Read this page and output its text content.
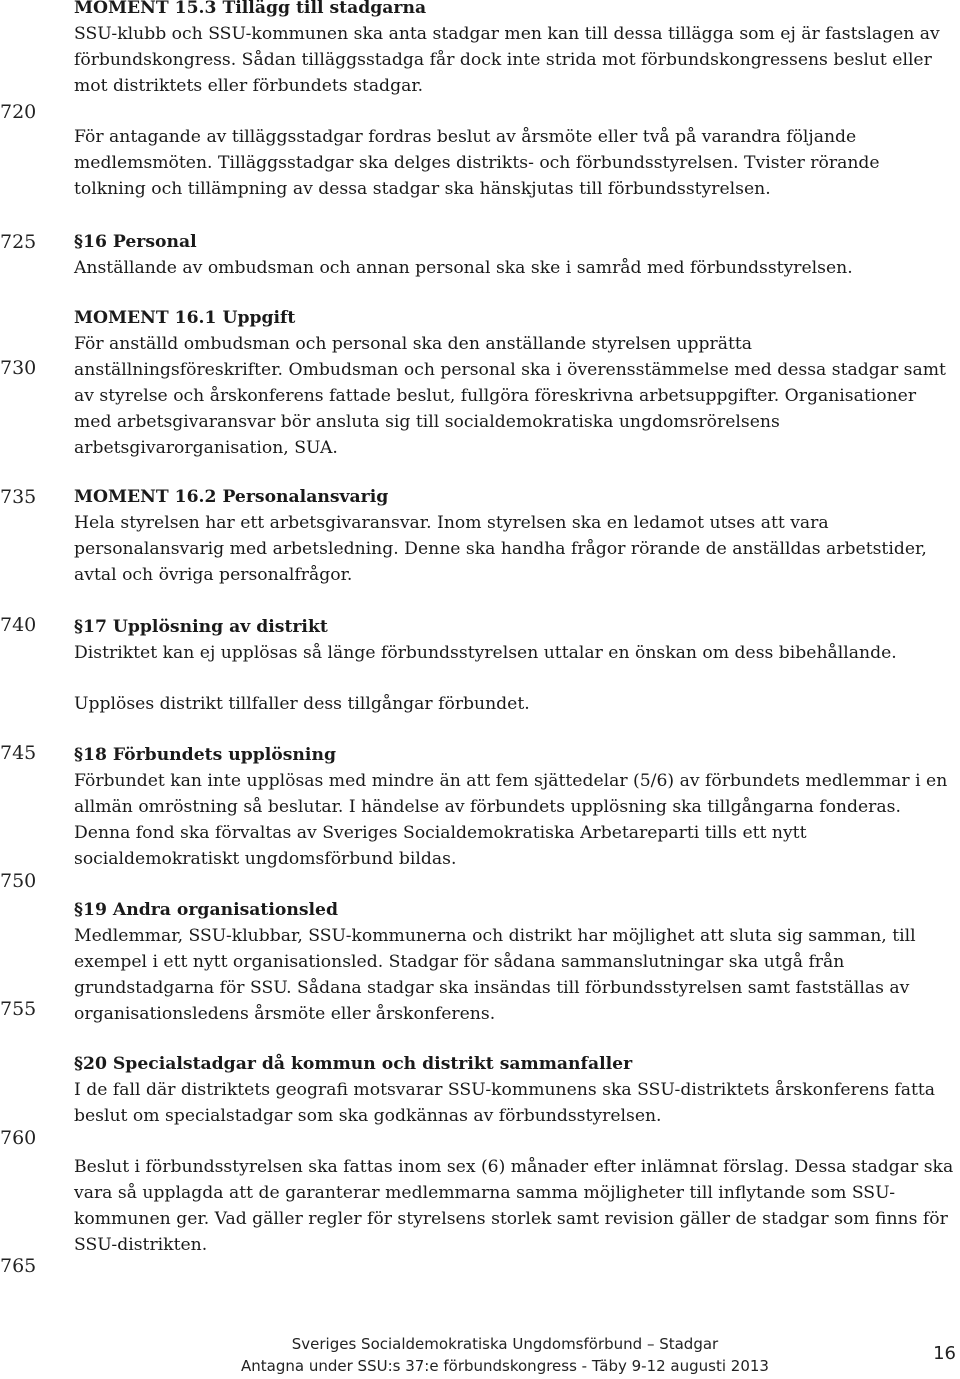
720
725
730
735
740
745
750
755
760
765

MOMENT 15.3 Tillägg till stadgarna

SSU-klubb och SSU-kommunen ska anta stadgar men kan till dessa tillägga som ej är fastslagen av förbundskongress. Sådan tilläggsstadga får dock inte strida mot förbundskongressens beslut eller mot distriktets eller förbundets stadgar.

För antagande av tilläggsstadgar fordras beslut av årsmöte eller två på varandra följande medlemsmöten. Tilläggsstadgar ska delges distrikts- och förbundsstyrelsen. Tvister rörande tolkning och tillämpning av dessa stadgar ska hänskjutas till förbundsstyrelsen.

§16 Personal

Anställande av ombudsman och annan personal ska ske i samråd med förbundsstyrelsen.

MOMENT 16.1 Uppgift

För anställd ombudsman och personal ska den anställande styrelsen upprätta anställningsföreskrifter. Ombudsman och personal ska i överensstämmelse med dessa stadgar samt av styrelse och årskonferens fattade beslut, fullgöra föreskrivna arbetsuppgifter. Organisationer med arbetsgivaransvar bör ansluta sig till socialdemokratiska ungdomsrörelsens arbetsgivarorganisation, SUA.

MOMENT 16.2 Personalansvarig

Hela styrelsen har ett arbetsgivaransvar. Inom styrelsen ska en ledamot utses att vara personalansvarig med arbetsledning. Denne ska handha frågor rörande de anställdas arbetstider, avtal och övriga personalfrågor.

§17 Upplösning av distrikt

Distriktet kan ej upplösas så länge förbundsstyrelsen uttalar en önskan om dess bibehållande.

Upplöses distrikt tillfaller dess tillgångar förbundet.

§18 Förbundets upplösning

Förbundet kan inte upplösas med mindre än att fem sjättedelar (5/6) av förbundets medlemmar i en allmän omröstning så beslutar. I händelse av förbundets upplösning ska tillgångarna fonderas. Denna fond ska förvaltas av Sveriges Socialdemokratiska Arbetareparti tills ett nytt socialdemokratiskt ungdomsförbund bildas.

§19 Andra organisationsled

Medlemmar, SSU-klubbar, SSU-kommunerna och distrikt har möjlighet att sluta sig samman, till exempel i ett nytt organisationsled. Stadgar för sådana sammanslutningar ska utgå från grundstadgarna för SSU. Sådana stadgar ska insändas till förbundsstyrelsen samt fastställas av organisationsledens årsmöte eller årskonferens.

§20 Specialstadgar då kommun och distrikt sammanfaller

I de fall där distriktets geografi motsvarar SSU-kommunens ska SSU-distriktets årskonferens fatta beslut om specialstadgar som ska godkännas av förbundsstyrelsen.

Beslut i förbundsstyrelsen ska fattas inom sex (6) månader efter inlämnat förslag. Dessa stadgar ska vara så upplagda att de garanterar medlemmarna samma möjligheter till inflytande som SSU-kommunen ger. Vad gäller regler för styrelsens storlek samt revision gäller de stadgar som finns för SSU-distrikten.

Sveriges Socialdemokratiska Ungdomsförbund – Stadgar
Antagna under SSU:s 37:e förbundskongress - Täby 9-12 augusti 2013
16
